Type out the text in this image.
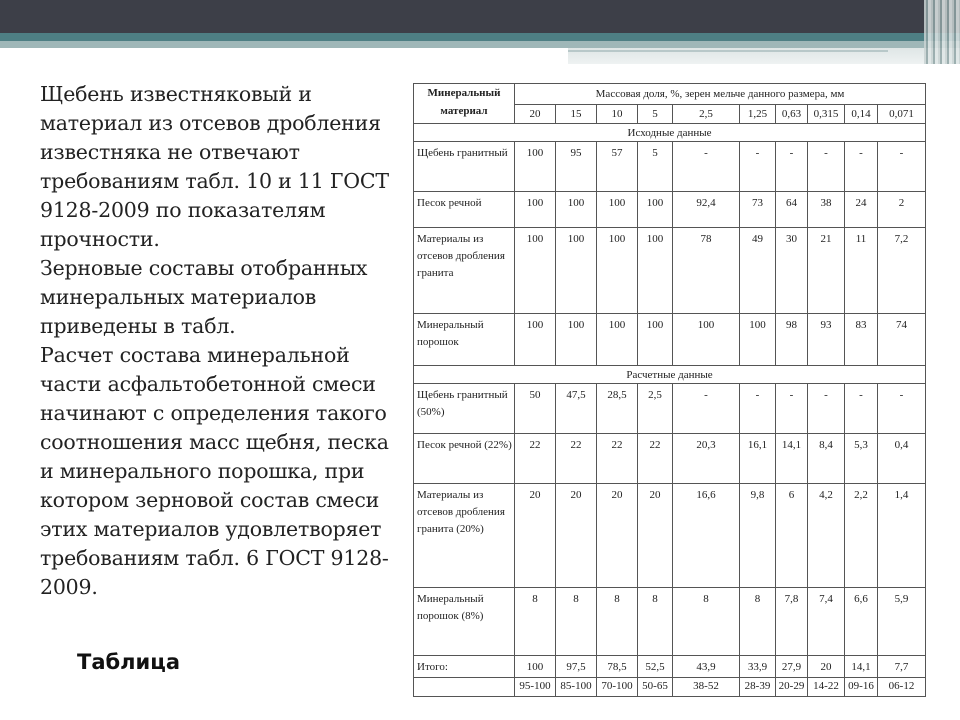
Щебень известняковый и
материал из отсевов дробления
известняка не отвечают
требованиям табл. 10 и 11 ГОСТ
9128-2009 по показателям
прочности.

Зерновые составы отобранных
минеральных материалов
приведены в табл.

Расчет состава минеральной
части асфальтобетонной смеси
начинают с определения такого
соотношения масс щебня, песка
и минерального порошка, при
котором зерновой состав смеси
этих материалов удовлетворяет
требованиям табл. 6 ГОСТ 9128-
2009.

Таблица
Минеральный материал	Массовая доля, %, зерен мельче данного размера, мм									
	20	15	10	5	2,5	1,25	0,63	0,315	0,14	0,071
Исходные данные										
Щебень гранитный	100	95	57	5	-	-	-	-	-	-
Песок речной	100	100	100	100	92,4	73	64	38	24	2
Материалы из отсевов дробления гранита	100	100	100	100	78	49	30	21	11	7,2
Минеральный порошок	100	100	100	100	100	100	98	93	83	74
Расчетные данные										
Щебень гранитный (50%)	50	47,5	28,5	2,5	-	-	-	-	-	-
Песок речной (22%)	22	22	22	22	20,3	16,1	14,1	8,4	5,3	0,4
Материалы из отсевов дробления гранита (20%)	20	20	20	20	16,6	9,8	6	4,2	2,2	1,4
Минеральный порошок (8%)	8	8	8	8	8	8	7,8	7,4	6,6	5,9
Итого:	100	97,5	78,5	52,5	43,9	33,9	27,9	20	14,1	7,7
	95-100	85-100	70-100	50-65	38-52	28-39	20-29	14-22	09-16	06-12
